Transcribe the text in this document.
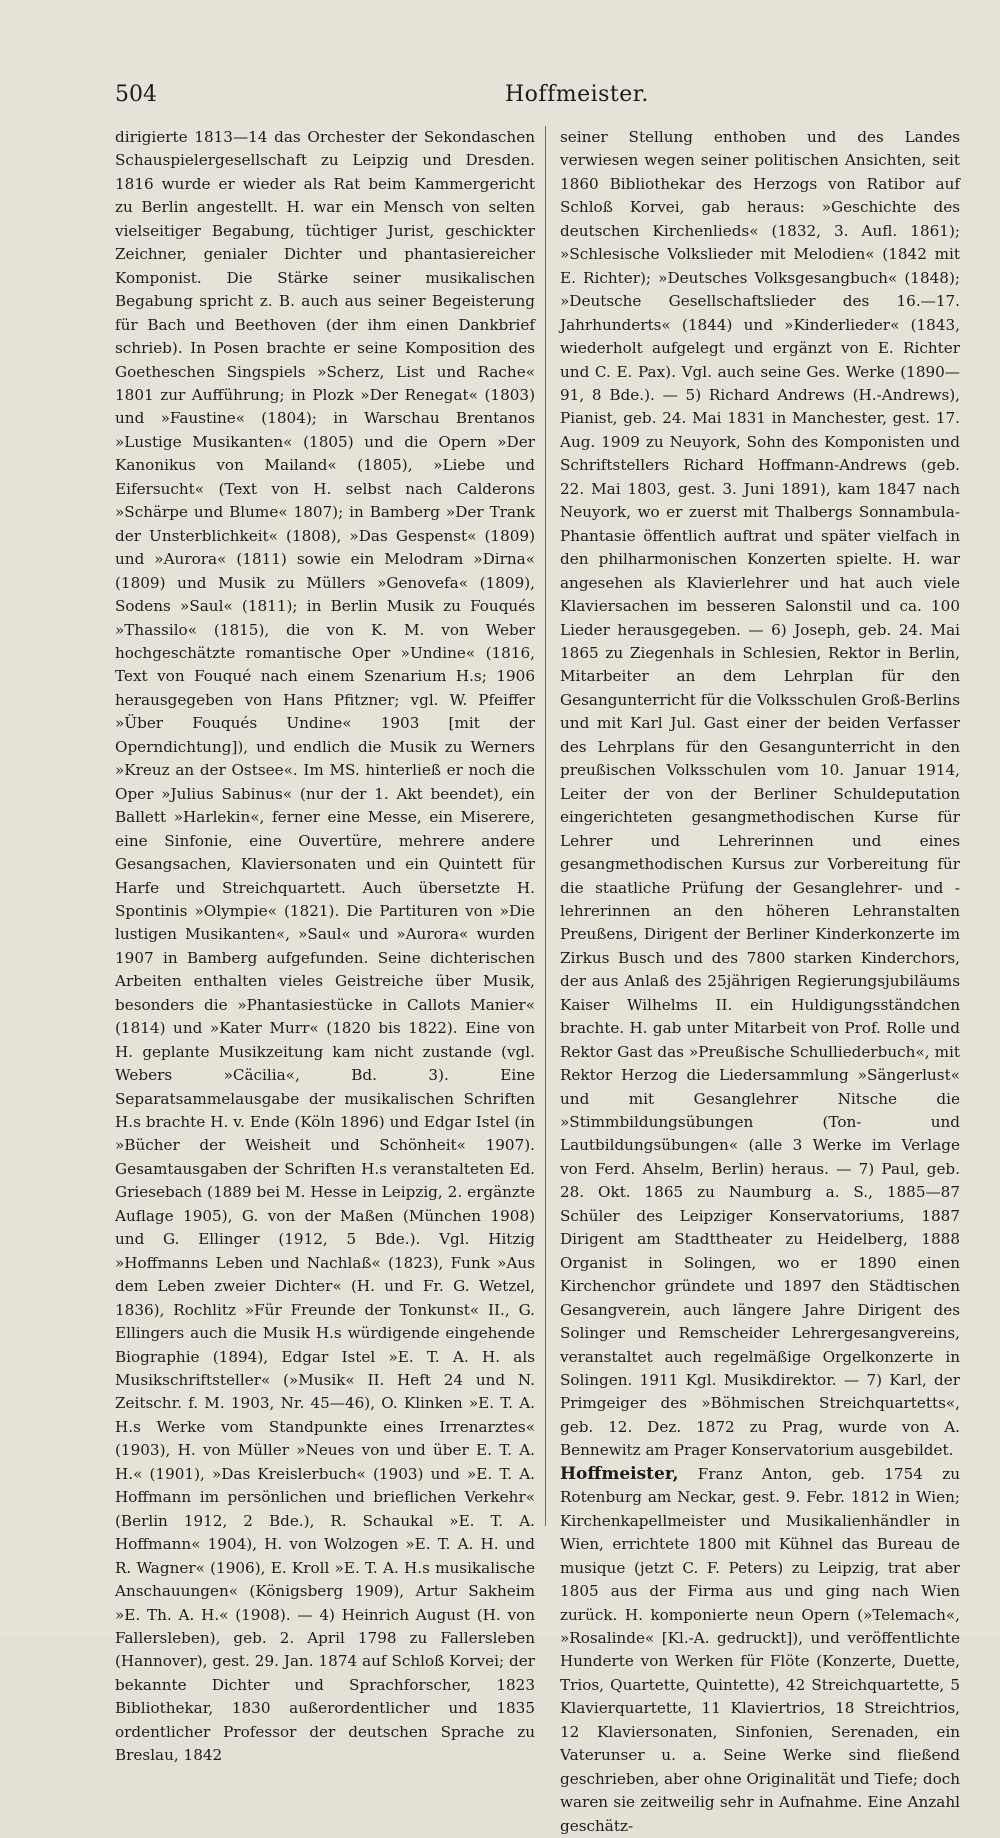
504	Hoffmeister.

dirigierte 1813—14 das Orchester der Sekondaschen Schauspielergesellschaft zu Leipzig und Dresden. 1816 wurde er wieder als Rat beim Kammergericht zu Berlin angestellt. H. war ein Mensch von selten vielseitiger Begabung, tüchtiger Jurist, geschickter Zeichner, genialer Dichter und phantasiereicher Komponist. Die Stärke seiner musikalischen Begabung spricht z. B. auch aus seiner Begeisterung für Bach und Beethoven (der ihm einen Dankbrief schrieb). In Posen brachte er seine Komposition des Goetheschen Singspiels »Scherz, List und Rache« 1801 zur Aufführung; in Plozk »Der Renegat« (1803) und »Faustine« (1804); in Warschau Brentanos »Lustige Musikanten« (1805) und die Opern »Der Kanonikus von Mailand« (1805), »Liebe und Eifersucht« (Text von H. selbst nach Calderons »Schärpe und Blume« 1807); in Bamberg »Der Trank der Unsterblichkeit« (1808), »Das Gespenst« (1809) und »Aurora« (1811) sowie ein Melodram »Dirna« (1809) und Musik zu Müllers »Genovefa« (1809), Sodens »Saul« (1811); in Berlin Musik zu Fouqués »Thassilo« (1815), die von K. M. von Weber hochgeschätzte romantische Oper »Undine« (1816, Text von Fouqué nach einem Szenarium H.s; 1906 herausgegeben von Hans Pfitzner; vgl. W. Pfeiffer »Über Fouqués Undine« 1903 [mit der Operndichtung]), und endlich die Musik zu Werners »Kreuz an der Ostsee«. Im MS. hinterließ er noch die Oper »Julius Sabinus« (nur der 1. Akt beendet), ein Ballett »Harlekin«, ferner eine Messe, ein Miserere, eine Sinfonie, eine Ouvertüre, mehrere andere Gesangsachen, Klaviersonaten und ein Quintett für Harfe und Streichquartett. Auch übersetzte H. Spontinis »Olympie« (1821). Die Partituren von »Die lustigen Musikanten«, »Saul« und »Aurora« wurden 1907 in Bamberg aufgefunden. Seine dichterischen Arbeiten enthalten vieles Geistreiche über Musik, besonders die »Phantasiestücke in Callots Manier« (1814) und »Kater Murr« (1820 bis 1822). Eine von H. geplante Musikzeitung kam nicht zustande (vgl. Webers »Cäcilia«, Bd. 3). Eine Separatsammelausgabe der musikalischen Schriften H.s brachte H. v. Ende (Köln 1896) und Edgar Istel (in »Bücher der Weisheit und Schönheit« 1907). Gesamtausgaben der Schriften H.s veranstalteten Ed. Griesebach (1889 bei M. Hesse in Leipzig, 2. ergänzte Auflage 1905), G. von der Maßen (München 1908) und G. Ellinger (1912, 5 Bde.). Vgl. Hitzig »Hoffmanns Leben und Nachlaß« (1823), Funk »Aus dem Leben zweier Dichter« (H. und Fr. G. Wetzel, 1836), Rochlitz »Für Freunde der Tonkunst« II., G. Ellingers auch die Musik H.s würdigende eingehende Biographie (1894), Edgar Istel »E. T. A. H. als Musikschriftsteller« (»Musik« II. Heft 24 und N. Zeitschr. f. M. 1903, Nr. 45—46), O. Klinken »E. T. A. H.s Werke vom Standpunkte eines Irrenarztes« (1903), H. von Müller »Neues von und über E. T. A. H.« (1901), »Das Kreislerbuch« (1903) und »E. T. A. Hoffmann im persönlichen und brieflichen Verkehr« (Berlin 1912, 2 Bde.), R. Schaukal »E. T. A. Hoffmann« 1904), H. von Wolzogen »E. T. A. H. und R. Wagner« (1906), E. Kroll »E. T. A. H.s musikalische Anschauungen« (Königsberg 1909), Artur Sakheim »E. Th. A. H.« (1908). — 4) Heinrich August (H. von Fallersleben), geb. 2. April 1798 zu Fallersleben (Hannover), gest. 29. Jan. 1874 auf Schloß Korvei; der bekannte Dichter und Sprachforscher, 1823 Bibliothekar, 1830 außerordentlicher und 1835 ordentlicher Professor der deutschen Sprache zu Breslau, 1842

seiner Stellung enthoben und des Landes verwiesen wegen seiner politischen Ansichten, seit 1860 Bibliothekar des Herzogs von Ratibor auf Schloß Korvei, gab heraus: »Geschichte des deutschen Kirchenlieds« (1832, 3. Aufl. 1861); »Schlesische Volkslieder mit Melodien« (1842 mit E. Richter); »Deutsches Volksgesangbuch« (1848); »Deutsche Gesellschaftslieder des 16.—17. Jahrhunderts« (1844) und »Kinderlieder« (1843, wiederholt aufgelegt und ergänzt von E. Richter und C. E. Pax). Vgl. auch seine Ges. Werke (1890—91, 8 Bde.). — 5) Richard Andrews (H.-Andrews), Pianist, geb. 24. Mai 1831 in Manchester, gest. 17. Aug. 1909 zu Neuyork, Sohn des Komponisten und Schriftstellers Richard Hoffmann-Andrews (geb. 22. Mai 1803, gest. 3. Juni 1891), kam 1847 nach Neuyork, wo er zuerst mit Thalbergs Sonnambula-Phantasie öffentlich auftrat und später vielfach in den philharmonischen Konzerten spielte. H. war angesehen als Klavierlehrer und hat auch viele Klaviersachen im besseren Salonstil und ca. 100 Lieder herausgegeben. — 6) Joseph, geb. 24. Mai 1865 zu Ziegenhals in Schlesien, Rektor in Berlin, Mitarbeiter an dem Lehrplan für den Gesangunterricht für die Volksschulen Groß-Berlins und mit Karl Jul. Gast einer der beiden Verfasser des Lehrplans für den Gesangunterricht in den preußischen Volksschulen vom 10. Januar 1914, Leiter der von der Berliner Schuldeputation eingerichteten gesangmethodischen Kurse für Lehrer und Lehrerinnen und eines gesangmethodischen Kursus zur Vorbereitung für die staatliche Prüfung der Gesanglehrer- und -lehrerinnen an den höheren Lehranstalten Preußens, Dirigent der Berliner Kinderkonzerte im Zirkus Busch und des 7800 starken Kinderchors, der aus Anlaß des 25jährigen Regierungsjubiläums Kaiser Wilhelms II. ein Huldigungsständchen brachte. H. gab unter Mitarbeit von Prof. Rolle und Rektor Gast das »Preußische Schulliederbuch«, mit Rektor Herzog die Liedersammlung »Sängerlust« und mit Gesanglehrer Nitsche die »Stimmbildungsübungen (Ton- und Lautbildungsübungen« (alle 3 Werke im Verlage von Ferd. Ahselm, Berlin) heraus. — 7) Paul, geb. 28. Okt. 1865 zu Naumburg a. S., 1885—87 Schüler des Leipziger Konservatoriums, 1887 Dirigent am Stadttheater zu Heidelberg, 1888 Organist in Solingen, wo er 1890 einen Kirchenchor gründete und 1897 den Städtischen Gesangverein, auch längere Jahre Dirigent des Solinger und Remscheider Lehrergesangvereins, veranstaltet auch regelmäßige Orgelkonzerte in Solingen. 1911 Kgl. Musikdirektor. — 7) Karl, der Primgeiger des »Böhmischen Streichquartetts«, geb. 12. Dez. 1872 zu Prag, wurde von A. Bennewitz am Prager Konservatorium ausgebildet.

Hoffmeister, Franz Anton, geb. 1754 zu Rotenburg am Neckar, gest. 9. Febr. 1812 in Wien; Kirchenkapellmeister und Musikalienhändler in Wien, errichtete 1800 mit Kühnel das Bureau de musique (jetzt C. F. Peters) zu Leipzig, trat aber 1805 aus der Firma aus und ging nach Wien zurück. H. komponierte neun Opern (»Telemach«, »Rosalinde« [Kl.-A. gedruckt]), und veröffentlichte Hunderte von Werken für Flöte (Konzerte, Duette, Trios, Quartette, Quintette), 42 Streichquartette, 5 Klavierquartette, 11 Klaviertrios, 18 Streichtrios, 12 Klaviersonaten, Sinfonien, Serenaden, ein Vaterunser u. a. Seine Werke sind fließend geschrieben, aber ohne Originalität und Tiefe; doch waren sie zeitweilig sehr in Aufnahme. Eine Anzahl geschätz-
